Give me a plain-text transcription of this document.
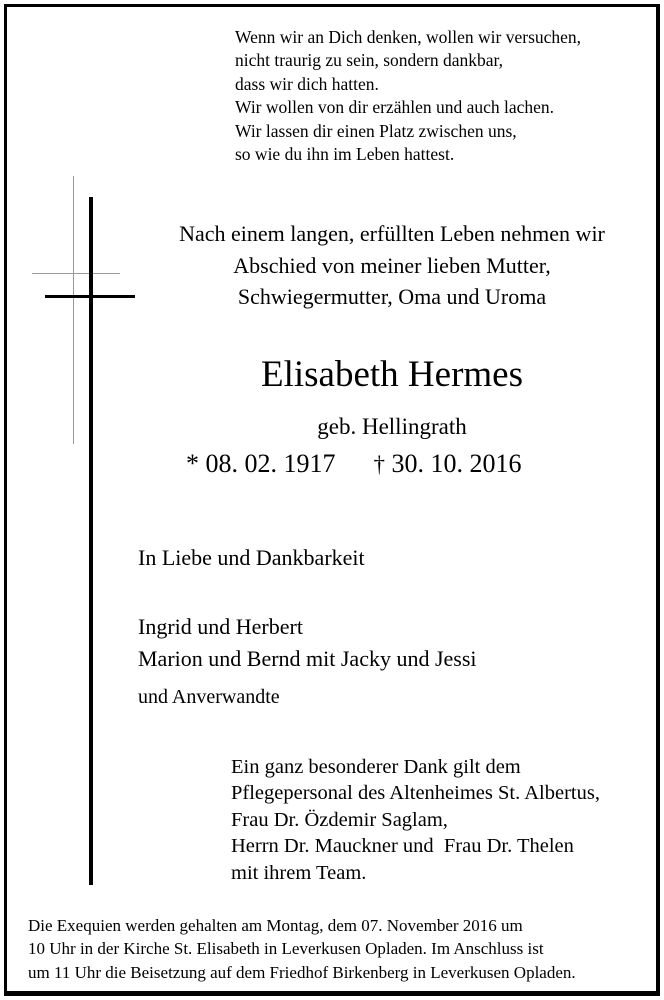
Wenn wir an Dich denken, wollen wir versuchen,
nicht traurig zu sein, sondern dankbar,
dass wir dich hatten.
Wir wollen von dir erzählen und auch lachen.
Wir lassen dir einen Platz zwischen uns,
so wie du ihn im Leben hattest.
Nach einem langen, erfüllten Leben nehmen wir
Abschied von meiner lieben Mutter,
Schwiegermutter, Oma und Uroma
Elisabeth Hermes
geb. Hellingrath
* 08. 02. 1917 † 30. 10. 2016
In Liebe und Dankbarkeit
Ingrid und Herbert
Marion und Bernd mit Jacky und Jessi
und Anverwandte
Ein ganz besonderer Dank gilt dem
Pflegepersonal des Altenheimes St. Albertus,
Frau Dr. Özdemir Saglam,
Herrn Dr. Mauckner und  Frau Dr. Thelen
mit ihrem Team.
Die Exequien werden gehalten am Montag, dem 07. November 2016 um
10 Uhr in der Kirche St. Elisabeth in Leverkusen Opladen. Im Anschluss ist
um 11 Uhr die Beisetzung auf dem Friedhof Birkenberg in Leverkusen Opladen.
